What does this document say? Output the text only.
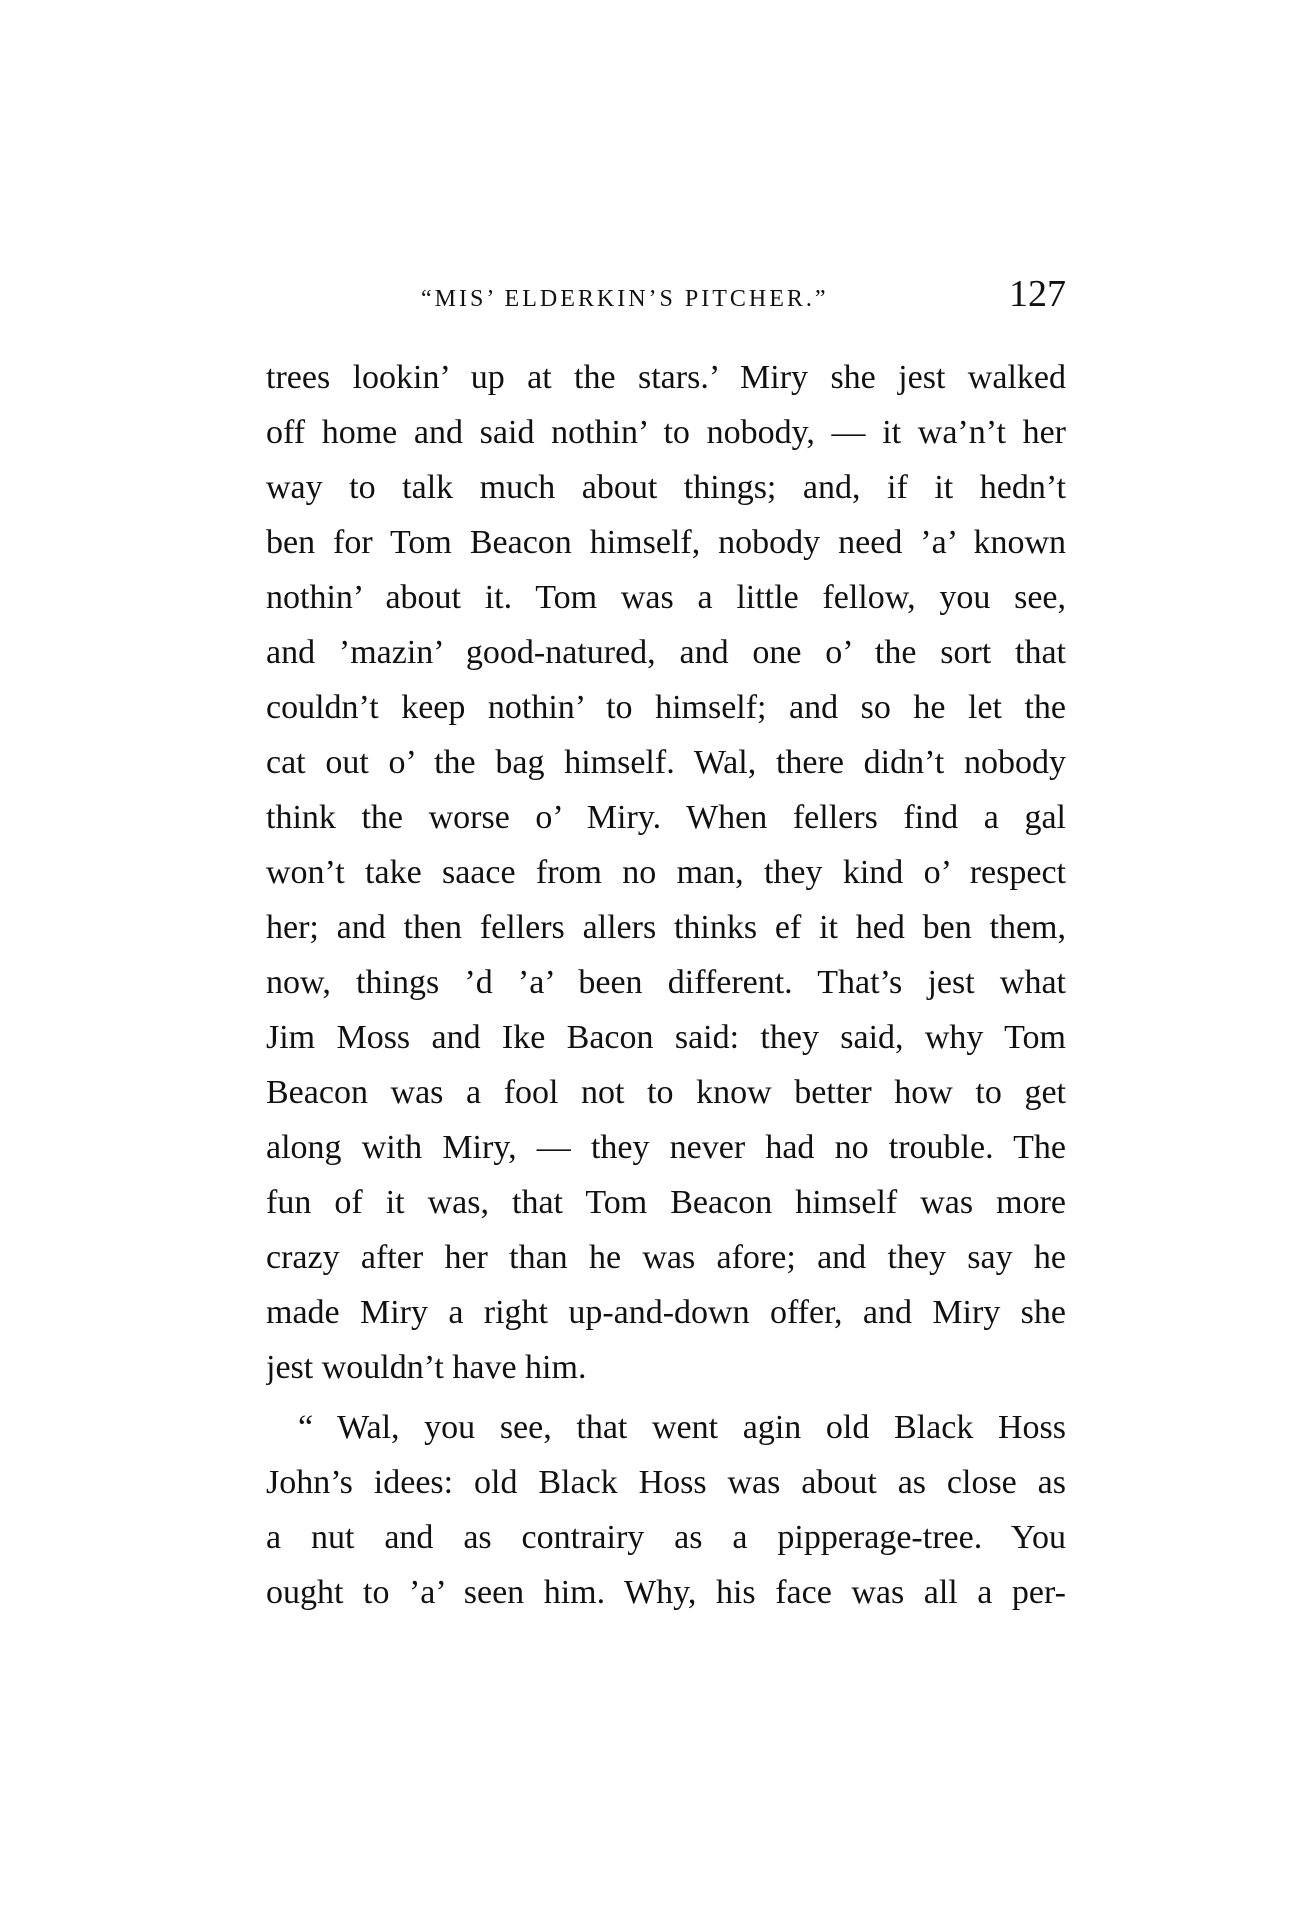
“MIS’ ELDERKIN’S PITCHER.”	127
trees lookin’ up at the stars.’ Miry she jest walked
off home and said nothin’ to nobody, — it wa’n’t her
way to talk much about things; and, if it hedn’t
ben for Tom Beacon himself, nobody need ’a’ known
nothin’ about it. Tom was a little fellow, you see,
and ’mazin’ good-natured, and one o’ the sort that
couldn’t keep nothin’ to himself; and so he let the
cat out o’ the bag himself. Wal, there didn’t nobody
think the worse o’ Miry. When fellers find a gal
won’t take saace from no man, they kind o’ respect
her; and then fellers allers thinks ef it hed ben them,
now, things ’d ’a’ been different. That’s jest what
Jim Moss and Ike Bacon said: they said, why Tom
Beacon was a fool not to know better how to get
along with Miry, — they never had no trouble. The
fun of it was, that Tom Beacon himself was more
crazy after her than he was afore; and they say he
made Miry a right up-and-down offer, and Miry she
jest wouldn’t have him.
“ Wal, you see, that went agin old Black Hoss
John’s idees: old Black Hoss was about as close as
a nut and as contrairy as a pipperage-tree. You
ought to ’a’ seen him. Why, his face was all a per-
